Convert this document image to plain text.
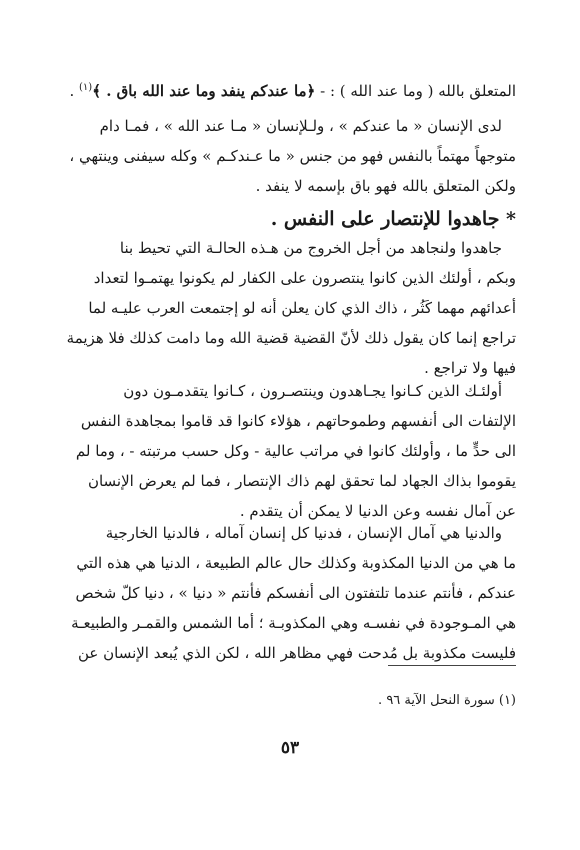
المتعلق بالله ( وما عند الله ) : - ﴿ما عندكم ينفد وما عند الله باق . ﴾$^{(١)}$ .
لدى الإنسان « ما عندكم » ، ولـلإنسان « مـا عند الله » ، فمـا دام
متوجهاً مهتماً بالنفس فهو من جنس « ما عـندكـم » وكله سيفنى وينتهي ،
ولكن المتعلق بالله فهو باق بإسمه لا ينفد .
* جاهدوا للإنتصار على النفس .
جاهدوا ولنجاهد من أجل الخروج من هـذه الحالـة التي تحيط بنا
وبكم ، أولئك الذين كانوا ينتصرون على الكفار لم يكونوا يهتمـوا لتعداد
أعدائهم مهما كَثُر ، ذاك الذي كان يعلن أنه لو إجتمعت العرب عليـه لما
تراجع إنما كان يقول ذلك لأنّ القضية قضية الله وما دامت كذلك فلا هزيمة
فيها ولا تراجع .
أولئـك الذين كـانوا يجـاهدون وينتصـرون ، كـانوا يتقدمـون دون
الإلتفات الى أنفسهم وطموحاتهم ، هؤلاء كانوا قد قاموا بمجاهدة النفس
الى حدٍّ ما ، وأولئك كانوا في مراتب عالية - وكل حسب مرتبته - ، وما لم
يقوموا بذاك الجهاد لما تحقق لهم ذاك الإنتصار ، فما لم يعرض الإنسان
عن آمال نفسه وعن الدنيا لا يمكن أن يتقدم .
والدنيا هي آمال الإنسان ، فدنيا كل إنسان آماله ، فالدنيا الخارجية
ما هي من الدنيا المكذوبة وكذلك حال عالم الطبيعة ، الدنيا هي هذه التي
عندكم ، فأنتم عندما تلتفتون الى أنفسكم فأنتم « دنيا » ، دنيا كلّ شخص
هي المـوجودة في نفسـه وهي المكذوبـة ؛ أما الشمس والقمـر والطبيعـة
فليست مكذوبة بل مُدحت فهي مظاهر الله ، لكن الذي يُبعد الإنسان عن
(١) سورة النحل الآية ٩٦ .
٥٣
